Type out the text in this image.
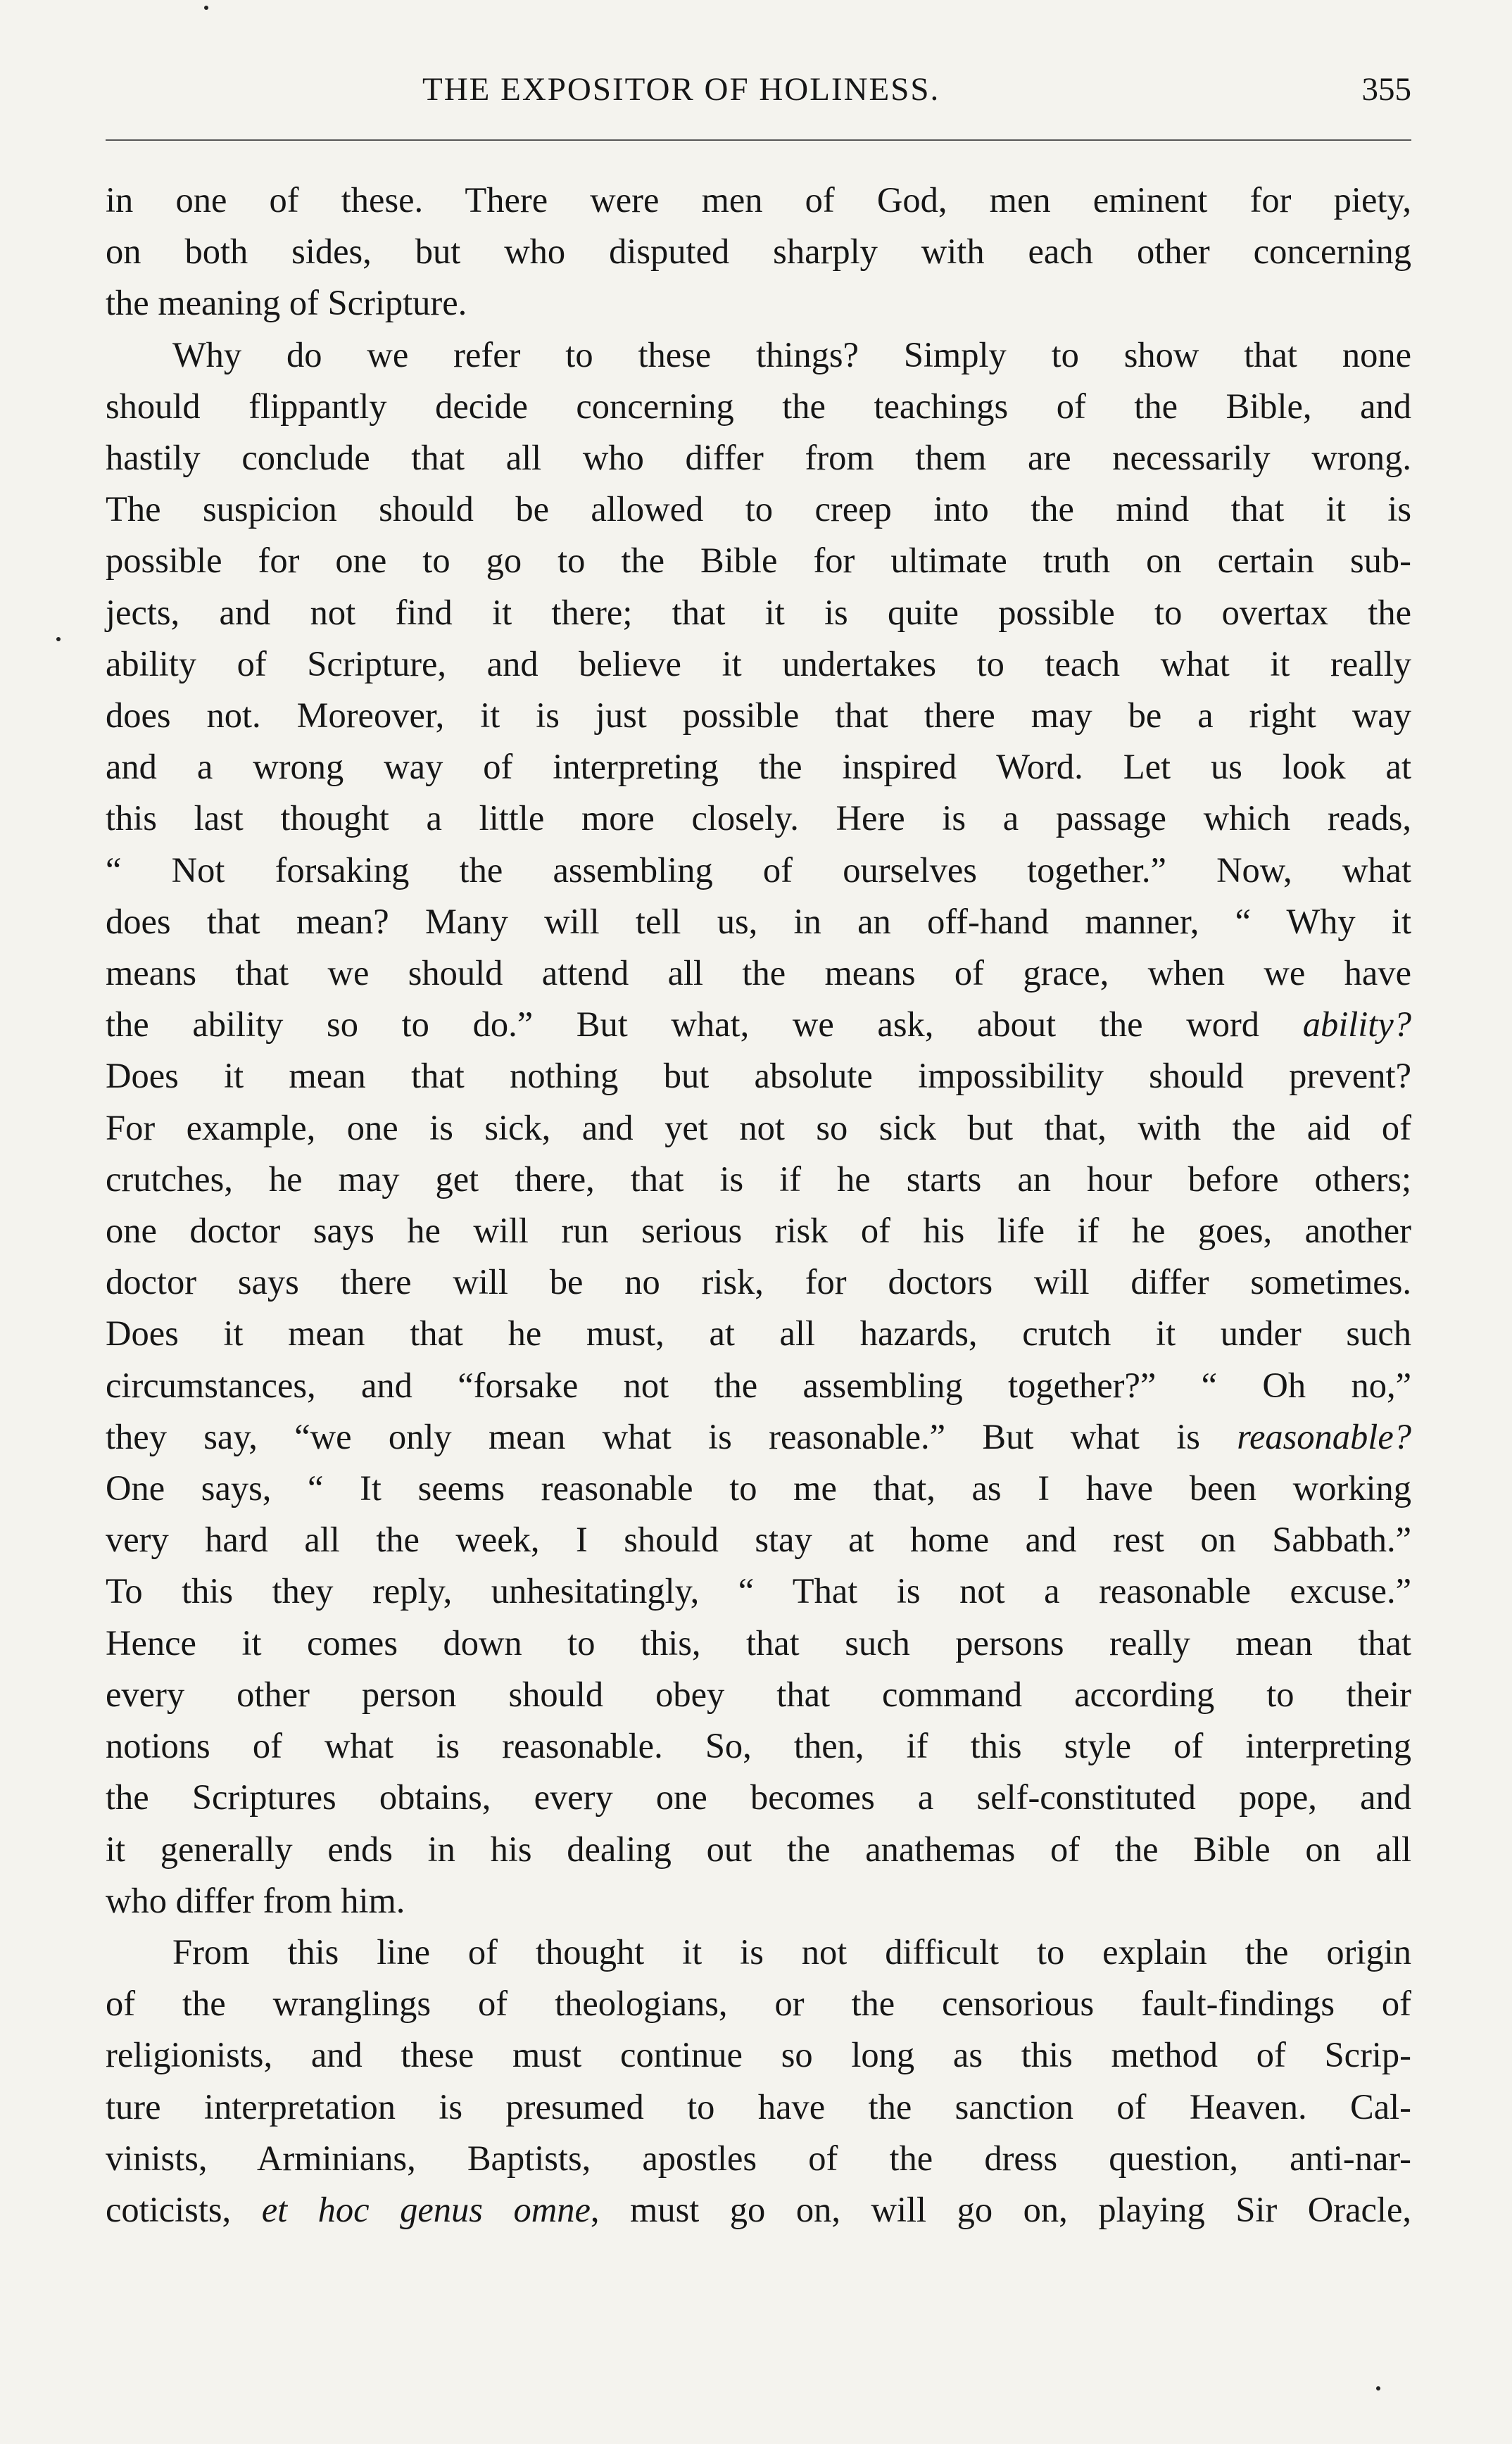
THE EXPOSITOR OF HOLINESS.	355

in one of these. There were men of God, men eminent for piety,
on both sides, but who disputed sharply with each other concerning
the meaning of Scripture.

Why do we refer to these things? Simply to show that none
should flippantly decide concerning the teachings of the Bible, and
hastily conclude that all who differ from them are necessarily wrong.
The suspicion should be allowed to creep into the mind that it is
possible for one to go to the Bible for ultimate truth on certain sub-
jects, and not find it there; that it is quite possible to overtax the
ability of Scripture, and believe it undertakes to teach what it really
does not. Moreover, it is just possible that there may be a right way
and a wrong way of interpreting the inspired Word. Let us look at
this last thought a little more closely. Here is a passage which reads,
“ Not forsaking the assembling of ourselves together.” Now, what
does that mean? Many will tell us, in an off-hand manner, “ Why it
means that we should attend all the means of grace, when we have
the ability so to do.” But what, we ask, about the word ability?
Does it mean that nothing but absolute impossibility should prevent?
For example, one is sick, and yet not so sick but that, with the aid of
crutches, he may get there, that is if he starts an hour before others;
one doctor says he will run serious risk of his life if he goes, another
doctor says there will be no risk, for doctors will differ sometimes.
Does it mean that he must, at all hazards, crutch it under such
circumstances, and “forsake not the assembling together?” “ Oh no,”
they say, “we only mean what is reasonable.” But what is reasonable?
One says, “ It seems reasonable to me that, as I have been working
very hard all the week, I should stay at home and rest on Sabbath.”
To this they reply, unhesitatingly, “ That is not a reasonable excuse.”
Hence it comes down to this, that such persons really mean that
every other person should obey that command according to their
notions of what is reasonable. So, then, if this style of interpreting
the Scriptures obtains, every one becomes a self-constituted pope, and
it generally ends in his dealing out the anathemas of the Bible on all
who differ from him.

From this line of thought it is not difficult to explain the origin
of the wranglings of theologians, or the censorious fault-findings of
religionists, and these must continue so long as this method of Scrip-
ture interpretation is presumed to have the sanction of Heaven. Cal-
vinists, Arminians, Baptists, apostles of the dress question, anti-nar-
coticists, et hoc genus omne, must go on, will go on, playing Sir Oracle,
